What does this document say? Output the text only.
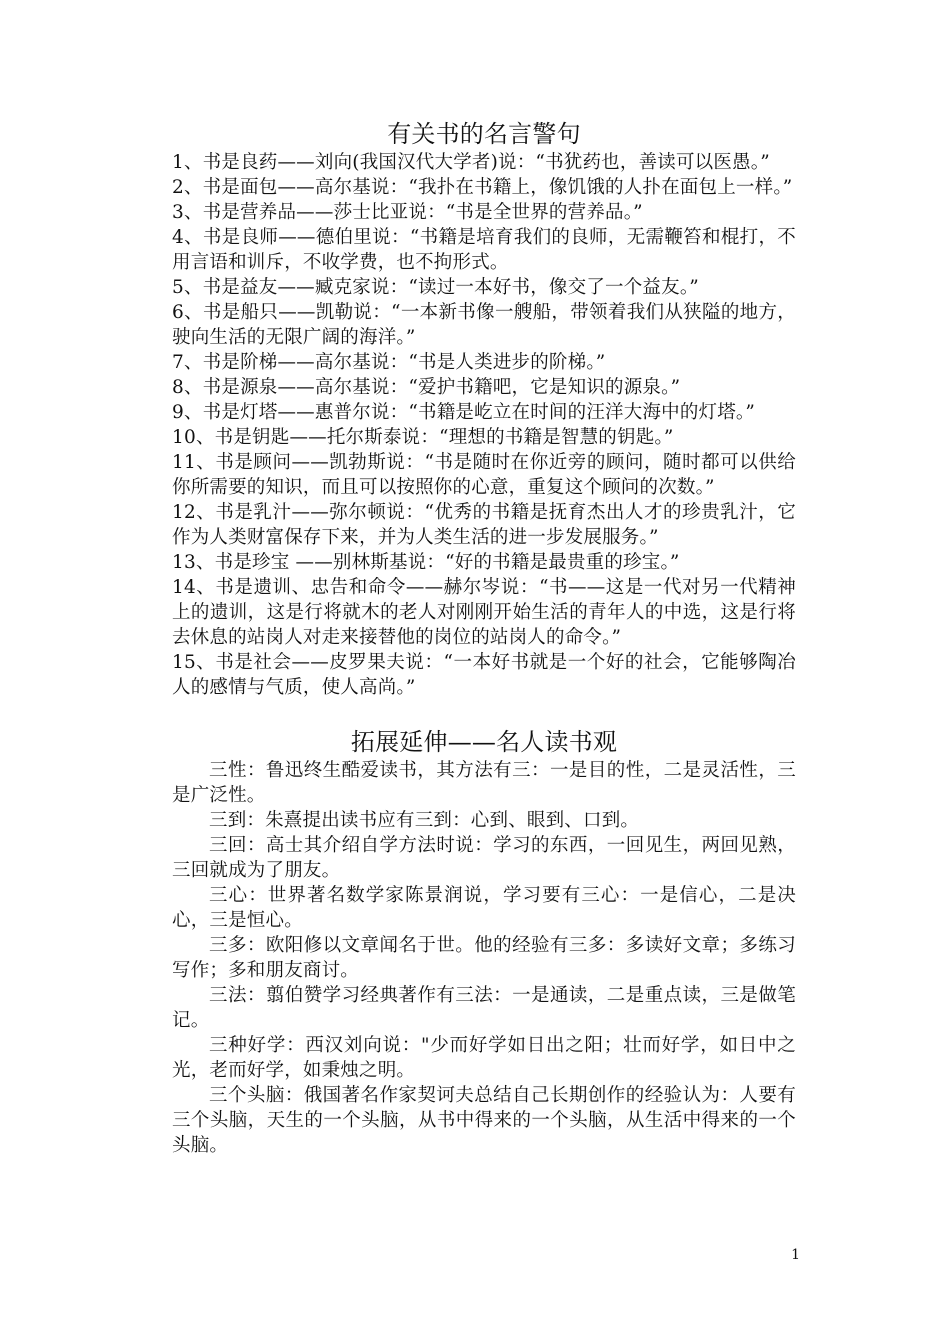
有关书的名言警句

1、书是良药——刘向(我国汉代大学者)说：“书犹药也，善读可以医愚。”

2、书是面包——高尔基说：“我扑在书籍上，像饥饿的人扑在面包上一样。”

3、书是营养品——莎士比亚说：“书是全世界的营养品。”

4、书是良师——德伯里说：“书籍是培育我们的良师，无需鞭笞和棍打，不用言语和训斥，不收学费，也不拘形式。

5、书是益友——臧克家说：“读过一本好书，像交了一个益友。”

6、书是船只——凯勒说：“一本新书像一艘船，带领着我们从狭隘的地方，驶向生活的无限广阔的海洋。”

7、书是阶梯——高尔基说：“书是人类进步的阶梯。”

8、书是源泉——高尔基说：“爱护书籍吧，它是知识的源泉。”

9、书是灯塔——惠普尔说：“书籍是屹立在时间的汪洋大海中的灯塔。”

10、书是钥匙——托尔斯泰说：“理想的书籍是智慧的钥匙。”

11、书是顾问——凯勃斯说：“书是随时在你近旁的顾问，随时都可以供给你所需要的知识，而且可以按照你的心意，重复这个顾问的次数。”

12、书是乳汁——弥尔顿说：“优秀的书籍是抚育杰出人才的珍贵乳汁，它作为人类财富保存下来，并为人类生活的进一步发展服务。”

13、书是珍宝 ——别林斯基说：“好的书籍是最贵重的珍宝。”

14、书是遗训、忠告和命令——赫尔岑说：“书——这是一代对另一代精神上的遗训，这是行将就木的老人对刚刚开始生活的青年人的中选，这是行将去休息的站岗人对走来接替他的岗位的站岗人的命令。”

15、书是社会——皮罗果夫说：“一本好书就是一个好的社会，它能够陶冶人的感情与气质，使人高尚。”

拓展延伸——名人读书观

三性：鲁迅终生酷爱读书，其方法有三：一是目的性，二是灵活性，三是广泛性。

三到：朱熹提出读书应有三到：心到、眼到、口到。

三回：高士其介绍自学方法时说：学习的东西，一回见生，两回见熟，三回就成为了朋友。

三心：世界著名数学家陈景润说，学习要有三心：一是信心，二是决心，三是恒心。

三多：欧阳修以文章闻名于世。他的经验有三多：多读好文章；多练习写作；多和朋友商讨。

三法：翦伯赞学习经典著作有三法：一是通读，二是重点读，三是做笔记。

三种好学：西汉刘向说："少而好学如日出之阳；壮而好学，如日中之光，老而好学，如秉烛之明。

三个头脑：俄国著名作家契诃夫总结自己长期创作的经验认为：人要有三个头脑，天生的一个头脑，从书中得来的一个头脑，从生活中得来的一个头脑。

1
